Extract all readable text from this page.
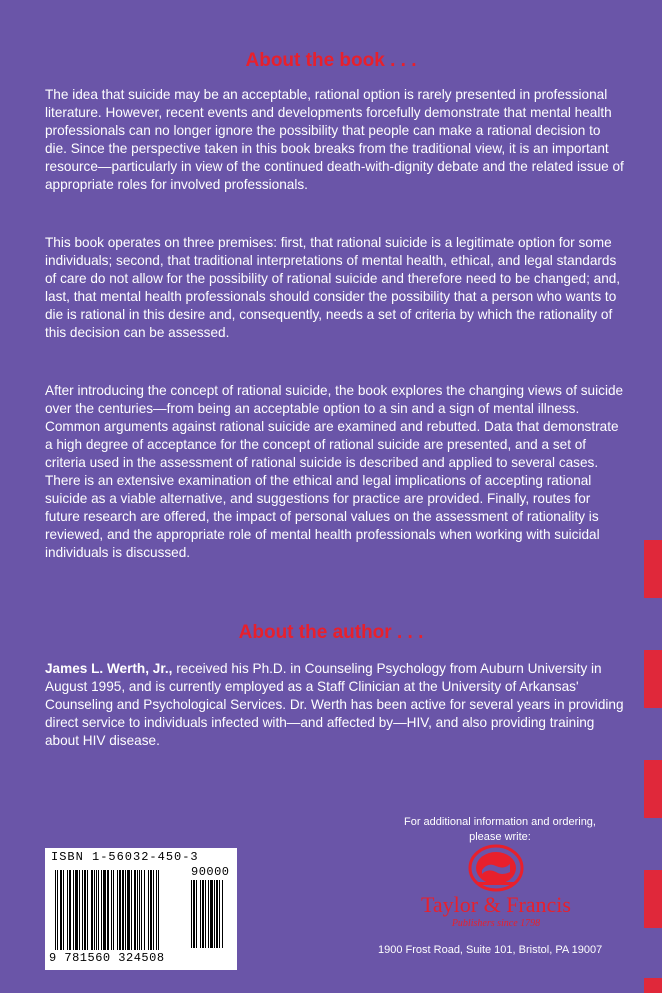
About the book . . .

The idea that suicide may be an acceptable, rational option is rarely presented in professional literature. However, recent events and developments forcefully demonstrate that mental health professionals can no longer ignore the possibility that people can make a rational decision to die. Since the perspective taken in this book breaks from the traditional view, it is an important resource—particularly in view of the continued death-with-dignity debate and the related issue of appropriate roles for involved professionals.

This book operates on three premises: first, that rational suicide is a legitimate option for some individuals; second, that traditional interpretations of mental health, ethical, and legal standards of care do not allow for the possibility of rational suicide and therefore need to be changed; and, last, that mental health professionals should consider the possibility that a person who wants to die is rational in this desire and, consequently, needs a set of criteria by which the rationality of this decision can be assessed.

After introducing the concept of rational suicide, the book explores the changing views of suicide over the centuries—from being an acceptable option to a sin and a sign of mental illness. Common arguments against rational suicide are examined and rebutted. Data that demonstrate a high degree of acceptance for the concept of rational suicide are presented, and a set of criteria used in the assessment of rational suicide is described and applied to several cases. There is an extensive examination of the ethical and legal implications of accepting rational suicide as a viable alternative, and suggestions for practice are provided. Finally, routes for future research are offered, the impact of personal values on the assessment of rationality is reviewed, and the appropriate role of mental health professionals when working with suicidal individuals is discussed.

About the author . . .

James L. Werth, Jr., received his Ph.D. in Counseling Psychology from Auburn University in August 1995, and is currently employed as a Staff Clinician at the University of Arkansas' Counseling and Psychological Services. Dr. Werth has been active for several years in providing direct service to individuals infected with—and affected by—HIV, and also providing training about HIV disease.

For additional information and ordering,
please write:
Taylor & Francis
Publishers since 1798
1900 Frost Road, Suite 101, Bristol, PA 19007
ISBN 1-56032-450-3
90000
9 781560 324508
